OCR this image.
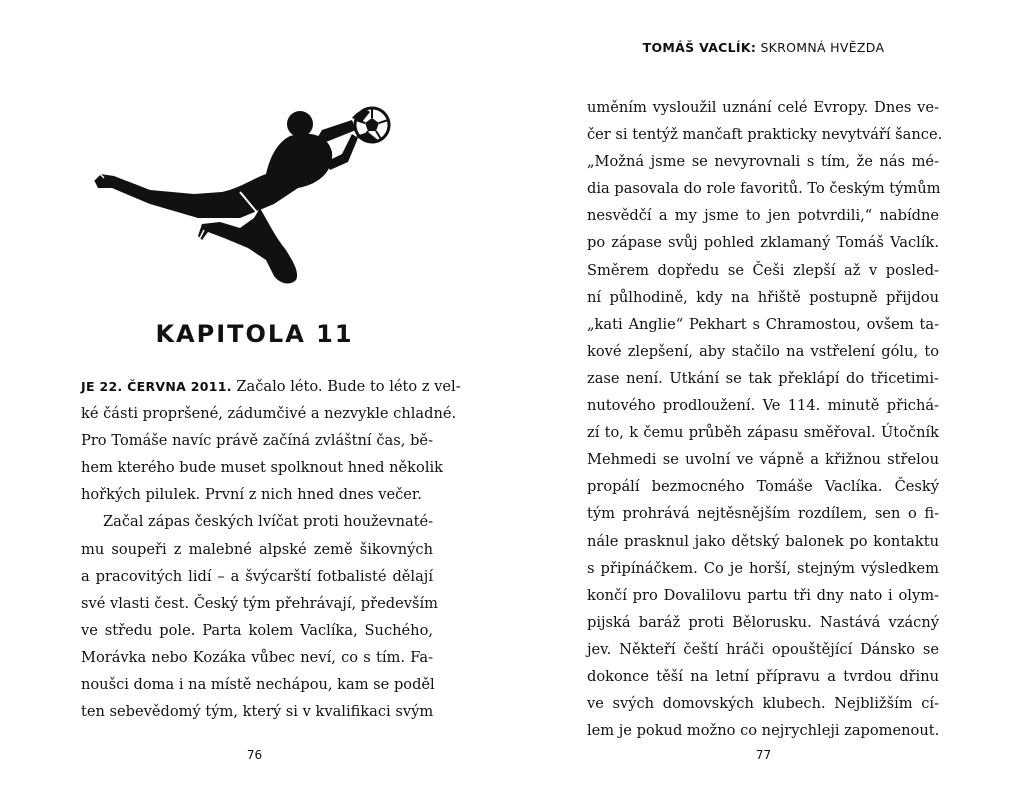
KAPITOLA 11
JE 22. ČERVNA 2011. Začalo léto. Bude to léto z vel-
ké části propršené, zádumčivé a nezvykle chladné.
Pro Tomáše navíc právě začíná zvláštní čas, bě-
hem kterého bude muset spolknout hned několik
hořkých pilulek. První z nich hned dnes večer.
Začal zápas českých lvíčat proti houževnaté-
mu soupeři z malebné alpské země šikovných
a pracovitých lidí – a švýcarští fotbalisté dělají
své vlasti čest. Český tým přehrávají, především
ve středu pole. Parta kolem Vaclíka, Suchého,
Morávka nebo Kozáka vůbec neví, co s tím. Fa-
noušci doma i na místě nechápou, kam se poděl
ten sebevědomý tým, který si v kvalifikaci svým
76
TOMÁŠ VACLÍK: SKROMNÁ HVĚZDA
uměním vysloužil uznání celé Evropy. Dnes ve-
čer si tentýž mančaft prakticky nevytváří šance.
„Možná jsme se nevyrovnali s tím, že nás mé-
dia pasovala do role favoritů. To českým týmům
nesvědčí a my jsme to jen potvrdili,“ nabídne
po zápase svůj pohled zklamaný Tomáš Vaclík.
Směrem dopředu se Češi zlepší až v posled-
ní půlhodině, kdy na hřiště postupně přijdou
„kati Anglie“ Pekhart s Chramostou, ovšem ta-
kové zlepšení, aby stačilo na vstřelení gólu, to
zase není. Utkání se tak překlápí do třicetimi-
nutového prodloužení. Ve 114. minutě přichá-
zí to, k čemu průběh zápasu směřoval. Útočník
Mehmedi se uvolní ve vápně a křižnou střelou
propálí bezmocného Tomáše Vaclíka. Český
tým prohrává nejtěsnějším rozdílem, sen o fi-
nále prasknul jako dětský balonek po kontaktu
s připínáčkem. Co je horší, stejným výsledkem
končí pro Dovalilovu partu tři dny nato i olym-
pijská baráž proti Bělorusku. Nastává vzácný
jev. Někteří čeští hráči opouštějící Dánsko se
dokonce těší na letní přípravu a tvrdou dřinu
ve svých domovských klubech. Nejbližším cí-
lem je pokud možno co nejrychleji zapomenout.
77
